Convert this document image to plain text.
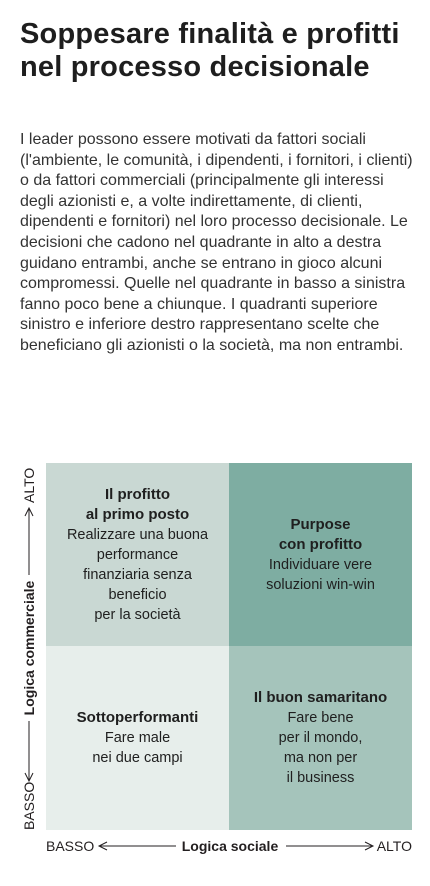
Soppesare finalità e profitti nel processo decisionale

I leader possono essere motivati da fattori sociali (l'ambiente, le comunità, i dipendenti, i fornitori, i clienti) o da fattori commerciali (principalmente gli interessi degli azionisti e, a volte indirettamente, di clienti, dipendenti e fornitori) nel loro processo decisionale. Le decisioni che cadono nel quadrante in alto a destra guidano entrambi, anche se entrano in gioco alcuni compromessi. Quelle nel quadrante in basso a sinistra fanno poco bene a chiunque. I quadranti superiore sinistro e inferiore destro rappresentano scelte che beneficiano gli azionisti o la società, ma non entrambi.

ALTO
Logica commerciale
BASSO
Il profitto
al primo posto
Realizzare una buona
performance
finanziaria senza
beneficio
per la società
Purpose
con profitto
Individuare vere
soluzioni win-win
Sottoperformanti
Fare male
nei due campi
Il buon samaritano
Fare bene
per il mondo,
ma non per
il business
BASSO	Logica sociale	ALTO
